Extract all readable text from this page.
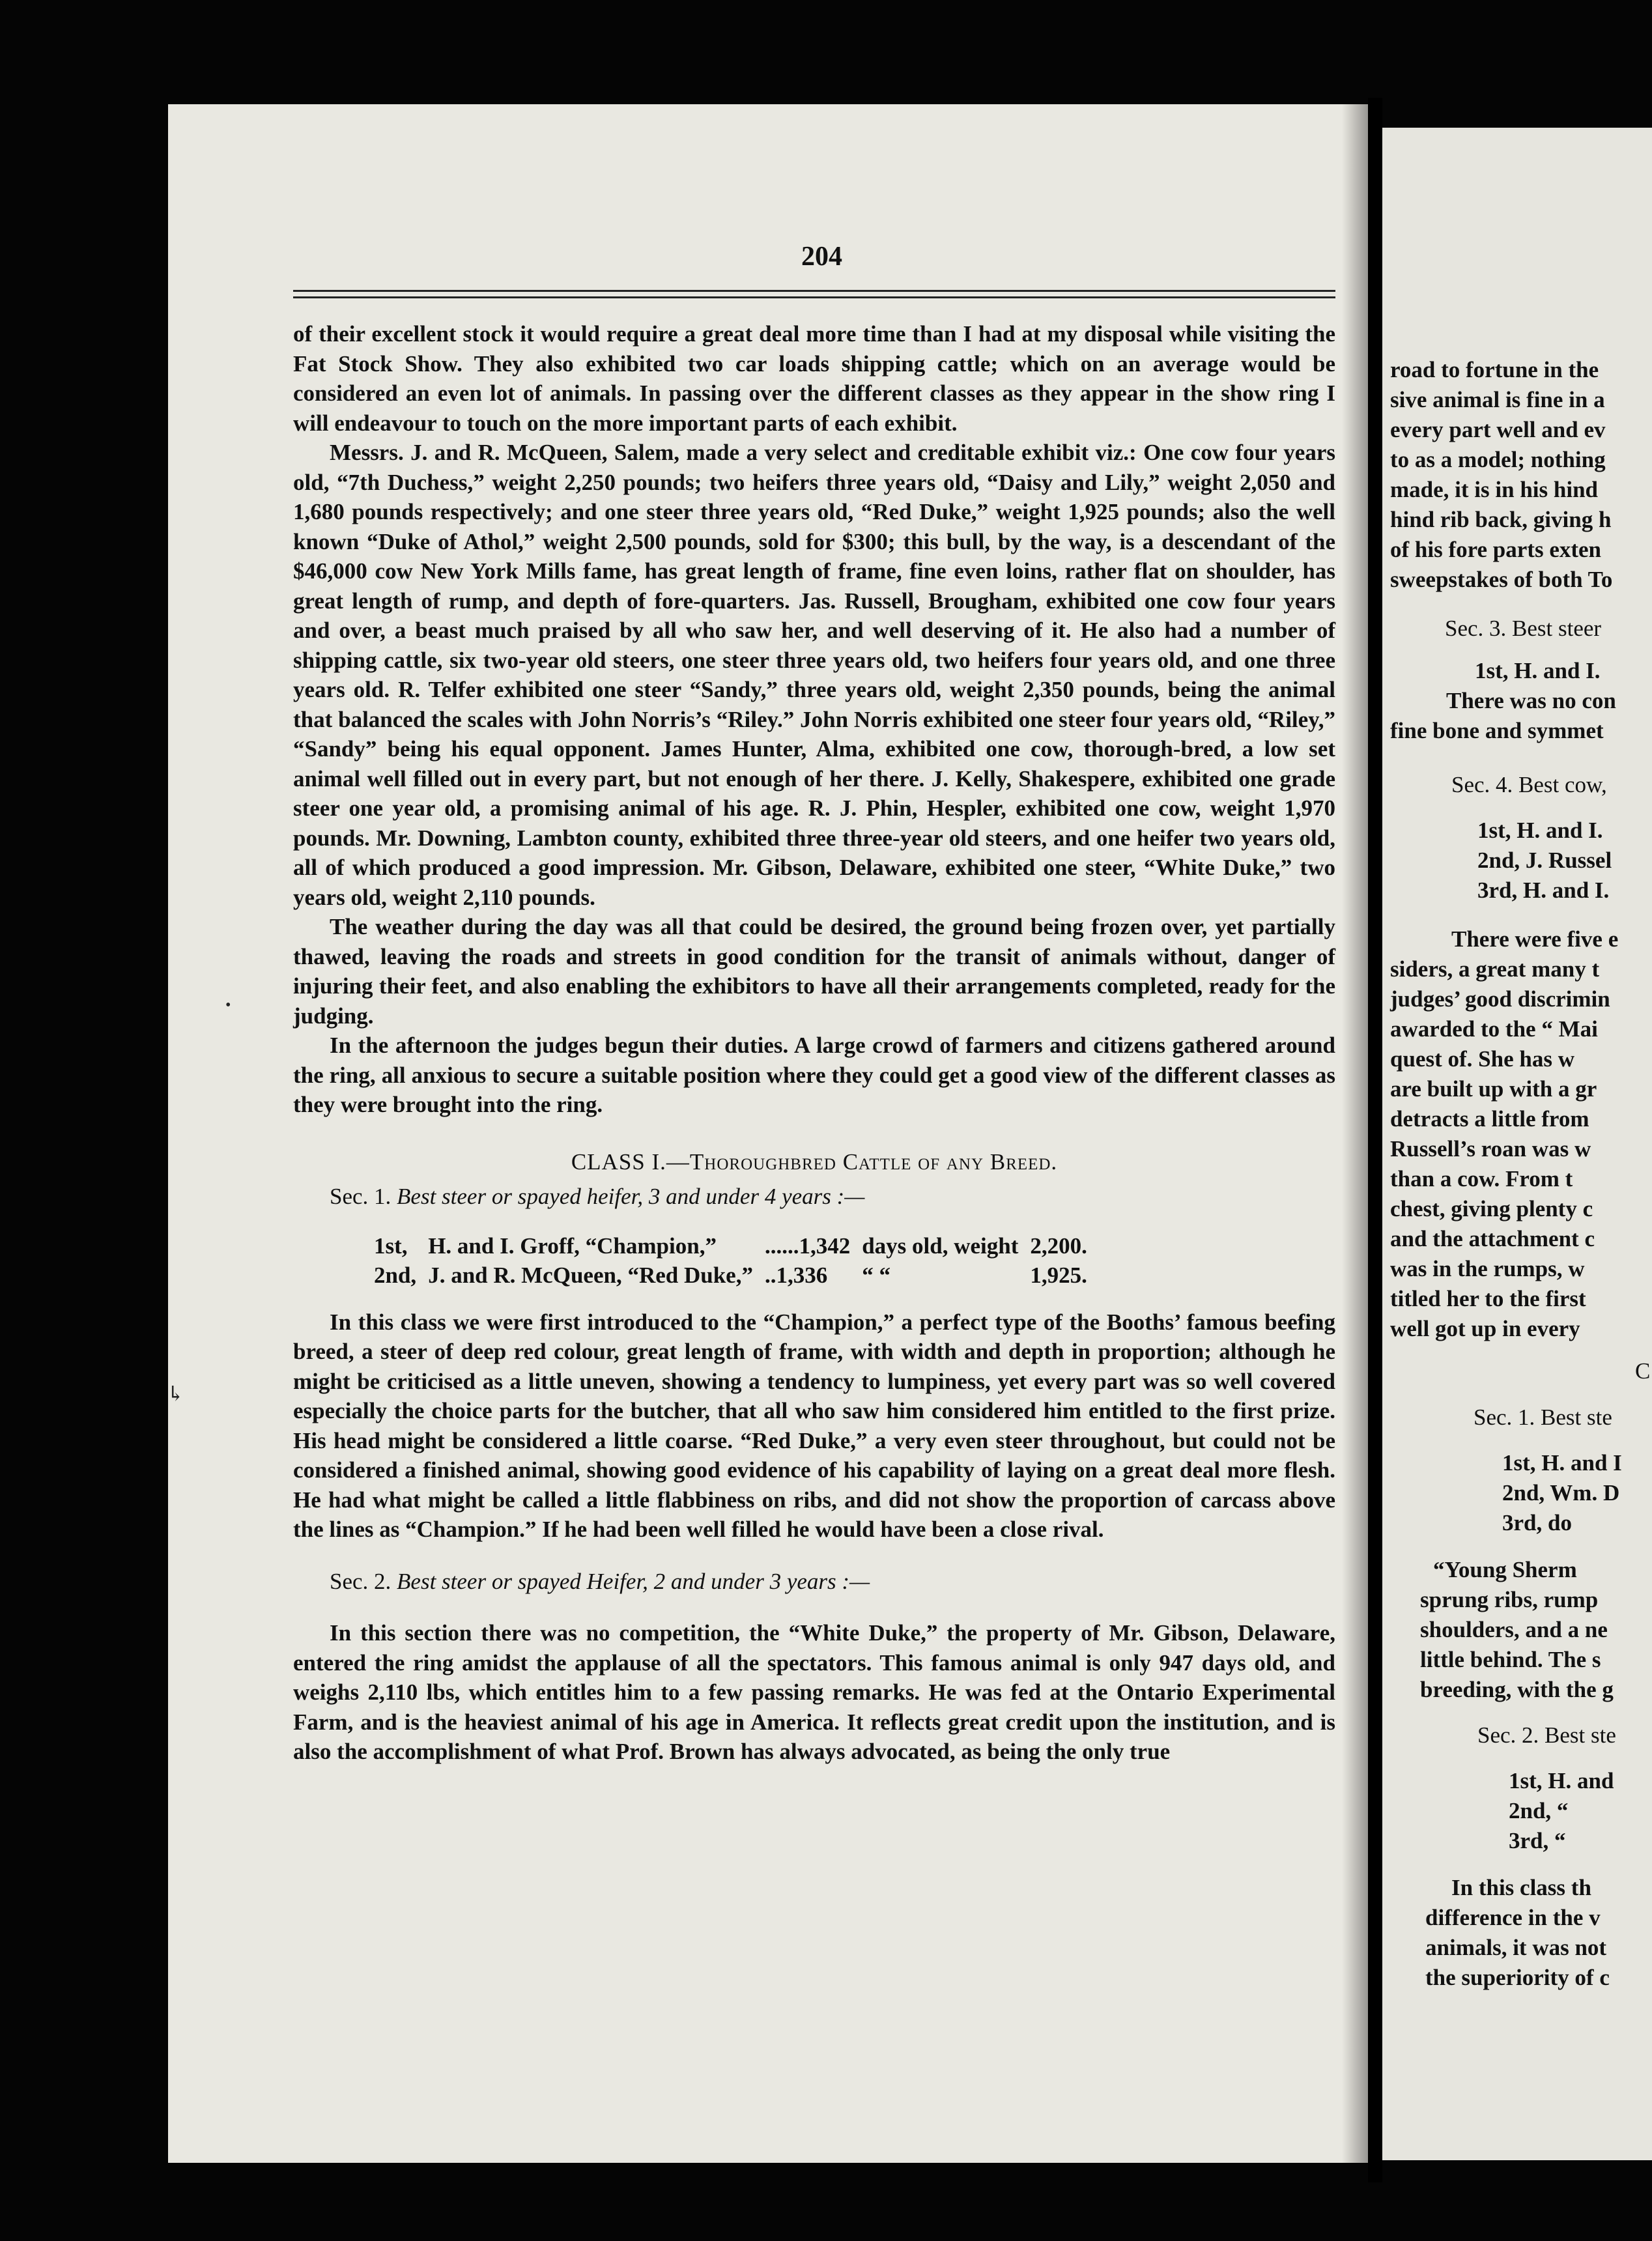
204

of their excellent stock it would require a great deal more time than I had at my disposal while visiting the Fat Stock Show. They also exhibited two car loads shipping cattle; which on an average would be considered an even lot of animals. In passing over the different classes as they appear in the show ring I will endeavour to touch on the more important parts of each exhibit.

Messrs. J. and R. McQueen, Salem, made a very select and creditable exhibit viz.: One cow four years old, “7th Duchess,” weight 2,250 pounds; two heifers three years old, “Daisy and Lily,” weight 2,050 and 1,680 pounds respectively; and one steer three years old, “Red Duke,” weight 1,925 pounds; also the well known “Duke of Athol,” weight 2,500 pounds, sold for $300; this bull, by the way, is a descendant of the $46,000 cow New York Mills fame, has great length of frame, fine even loins, rather flat on shoulder, has great length of rump, and depth of fore-quarters. Jas. Russell, Brougham, exhibited one cow four years and over, a beast much praised by all who saw her, and well deserving of it. He also had a number of shipping cattle, six two-year old steers, one steer three years old, two heifers four years old, and one three years old. R. Telfer exhibited one steer “Sandy,” three years old, weight 2,350 pounds, being the animal that balanced the scales with John Norris’s “Riley.” John Norris exhibited one steer four years old, “Riley,” “Sandy” being his equal opponent. James Hunter, Alma, exhibited one cow, thorough-bred, a low set animal well filled out in every part, but not enough of her there. J. Kelly, Shakespere, exhibited one grade steer one year old, a promising animal of his age. R. J. Phin, Hespler, exhibited one cow, weight 1,970 pounds. Mr. Downing, Lambton county, exhibited three three-year old steers, and one heifer two years old, all of which produced a good impression. Mr. Gibson, Delaware, exhibited one steer, “White Duke,” two years old, weight 2,110 pounds.

The weather during the day was all that could be desired, the ground being frozen over, yet partially thawed, leaving the roads and streets in good condition for the transit of animals without, danger of injuring their feet, and also enabling the exhibitors to have all their arrangements completed, ready for the judging.

In the afternoon the judges begun their duties. A large crowd of farmers and citizens gathered around the ring, all anxious to secure a suitable position where they could get a good view of the different classes as they were brought into the ring.

CLASS I.—Thoroughbred Cattle of any Breed.
Sec. 1. Best steer or spayed heifer, 3 and under 4 years :—
1st,	H. and I. Groff, “Champion,”	......1,342	days old, weight	2,200.
2nd,	J. and R. McQueen, “Red Duke,”	..1,336	“ “	1,925.

In this class we were first introduced to the “Champion,” a perfect type of the Booths’ famous beefing breed, a steer of deep red colour, great length of frame, with width and depth in proportion; although he might be criticised as a little uneven, showing a tendency to lumpiness, yet every part was so well covered especially the choice parts for the butcher, that all who saw him considered him entitled to the first prize. His head might be considered a little coarse. “Red Duke,” a very even steer throughout, but could not be considered a finished animal, showing good evidence of his capability of laying on a great deal more flesh. He had what might be called a little flabbiness on ribs, and did not show the proportion of carcass above the lines as “Champion.” If he had been well filled he would have been a close rival.

Sec. 2. Best steer or spayed Heifer, 2 and under 3 years :—

In this section there was no competition, the “White Duke,” the property of Mr. Gibson, Delaware, entered the ring amidst the applause of all the spectators. This famous animal is only 947 days old, and weighs 2,110 lbs, which entitles him to a few passing remarks. He was fed at the Ontario Experimental Farm, and is the heaviest animal of his age in America. It reflects great credit upon the institution, and is also the accomplishment of what Prof. Brown has always advocated, as being the only true

↳
•
road to fortune in the
sive animal is fine in a
every part well and ev
to as a model; nothing
made, it is in his hind
hind rib back, giving h
of his fore parts exten
sweepstakes of both To
Sec. 3. Best steer
1st, H. and I.
There was no con
fine bone and symmet
Sec. 4. Best cow,
1st, H. and I.
2nd, J. Russel
3rd, H. and I.
There were five e
siders, a great many t
judges’ good discrimin
awarded to the “ Mai
quest of. She has w
are built up with a gr
detracts a little from
Russell’s roan was w
than a cow. From t
chest, giving plenty c
and the attachment c
was in the rumps, w
titled her to the first
well got up in every
C
Sec. 1. Best ste
1st, H. and I
2nd, Wm. D
3rd, do
“Young Sherm
sprung ribs, rump
shoulders, and a ne
little behind. The s
breeding, with the g
Sec. 2. Best ste
1st, H. and
2nd, “
3rd, “
In this class th
difference in the v
animals, it was not
the superiority of c
